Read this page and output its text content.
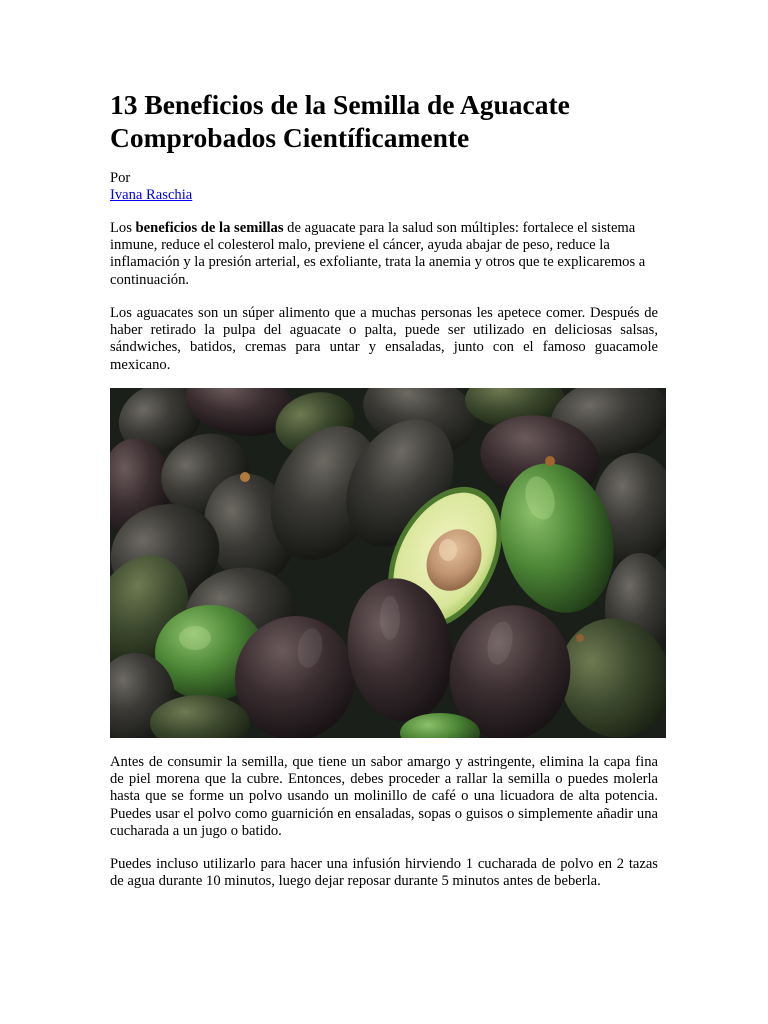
13 Beneficios de la Semilla de Aguacate Comprobados Científicamente
Por
Ivana Raschia

Los beneficios de la semillas de aguacate para la salud son múltiples: fortalece el sistema inmune, reduce el colesterol malo, previene el cáncer, ayuda abajar de peso, reduce la inflamación y la presión arterial, es exfoliante, trata la anemia y otros que te explicaremos a continuación.

Los aguacates son un súper alimento que a muchas personas les apetece comer. Después de haber retirado la pulpa del aguacate o palta, puede ser utilizado en deliciosas salsas, sándwiches, batidos, cremas para untar y ensaladas, junto con el famoso guacamole mexicano.

Antes de consumir la semilla, que tiene un sabor amargo y astringente, elimina la capa fina de piel morena que la cubre. Entonces, debes proceder a rallar la semilla o puedes molerla hasta que se forme un polvo usando un molinillo de café o una licuadora de alta potencia. Puedes usar el polvo como guarnición en ensaladas, sopas o guisos o simplemente añadir una cucharada a un jugo o batido.

Puedes incluso utilizarlo para hacer una infusión hirviendo 1 cucharada de polvo en 2 tazas de agua durante 10 minutos, luego dejar reposar durante 5 minutos antes de beberla.
